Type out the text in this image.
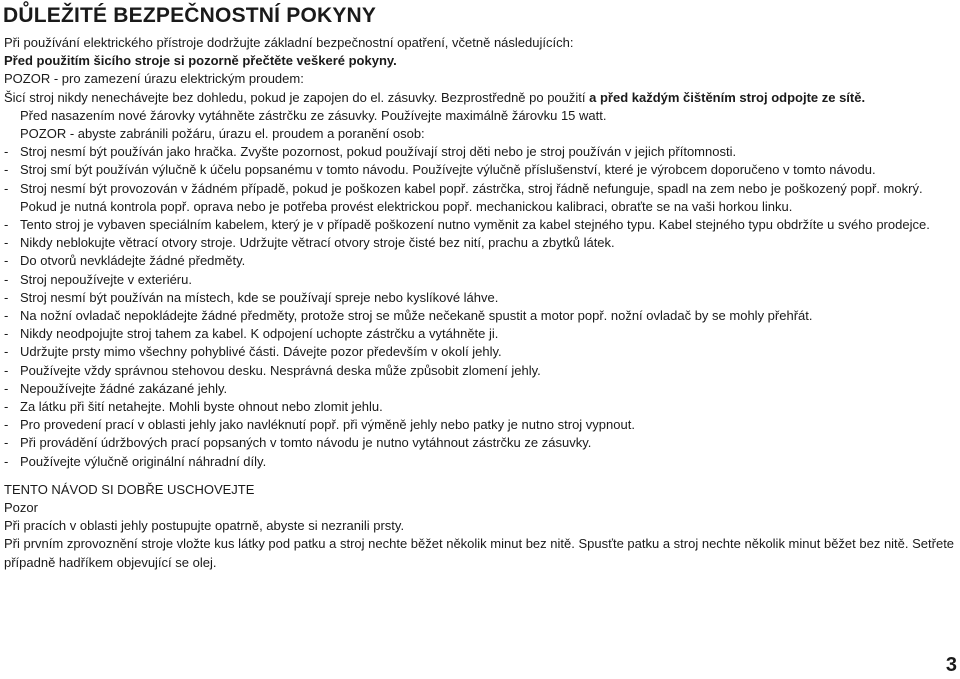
DŮLEŽITÉ BEZPEČNOSTNÍ POKYNY

Při používání elektrického přístroje dodržujte základní bezpečnostní opatření, včetně následujících:

Před použitím šicího stroje si pozorně přečtěte veškeré pokyny.

POZOR - pro zamezení úrazu elektrickým proudem:

Šicí stroj nikdy nenechávejte bez dohledu, pokud je zapojen do el. zásuvky. Bezprostředně po použití a před každým čištěním stroj odpojte ze sítě.

Před nasazením nové žárovky vytáhněte zástrčku ze zásuvky. Používejte maximálně žárovku 15 watt.

POZOR - abyste zabránili požáru, úrazu el. proudem a poranění osob:

- Stroj nesmí být používán jako hračka. Zvyšte pozornost, pokud používají stroj děti nebo je stroj používán v jejich přítomnosti.

- Stroj smí být používán výlučně k účelu popsanému v tomto návodu. Používejte výlučně příslušenství, které je výrobcem doporučeno v tomto návodu.

- Stroj nesmí být provozován v žádném případě, pokud je poškozen kabel popř. zástrčka, stroj řádně nefunguje, spadl na zem nebo je poškozený popř. mokrý. Pokud je nutná kontrola popř. oprava nebo je potřeba provést elektrickou popř. mechanickou kalibraci, obraťte se na vaši horkou linku.

- Tento stroj je vybaven speciálním kabelem, který je v případě poškození nutno vyměnit za kabel stejného typu. Kabel stejného typu obdržíte u svého prodejce.

- Nikdy neblokujte větrací otvory stroje. Udržujte větrací otvory stroje čisté bez nití, prachu a zbytků látek.

- Do otvorů nevkládejte žádné předměty.

- Stroj nepoužívejte v exteriéru.

- Stroj nesmí být používán na místech, kde se používají spreje nebo kyslíkové láhve.

- Na nožní ovladač nepokládejte žádné předměty, protože stroj se může nečekaně spustit a motor popř. nožní ovladač by se mohly přehřát.

- Nikdy neodpojujte stroj tahem za kabel. K odpojení uchopte zástrčku a vytáhněte ji.

- Udržujte prsty mimo všechny pohyblivé části. Dávejte pozor především v okolí jehly.

- Používejte vždy správnou stehovou desku. Nesprávná deska může způsobit zlomení jehly.

- Nepoužívejte žádné zakázané jehly.

- Za látku při šití netahejte. Mohli byste ohnout nebo zlomit jehlu.

- Pro provedení prací v oblasti jehly jako navléknutí popř. při výměně jehly nebo patky je nutno stroj vypnout.

- Při provádění údržbových prací popsaných v tomto návodu je nutno vytáhnout zástrčku ze zásuvky.

- Používejte výlučně originální náhradní díly.

TENTO NÁVOD SI DOBŘE USCHOVEJTE

Pozor

Při pracích v oblasti jehly postupujte opatrně, abyste si nezranili prsty.

Při prvním zprovoznění stroje vložte kus látky pod patku a stroj nechte běžet několik minut bez nitě. Spusťte patku a stroj nechte několik minut běžet bez nitě. Setřete případně hadříkem objevující se olej.

3
